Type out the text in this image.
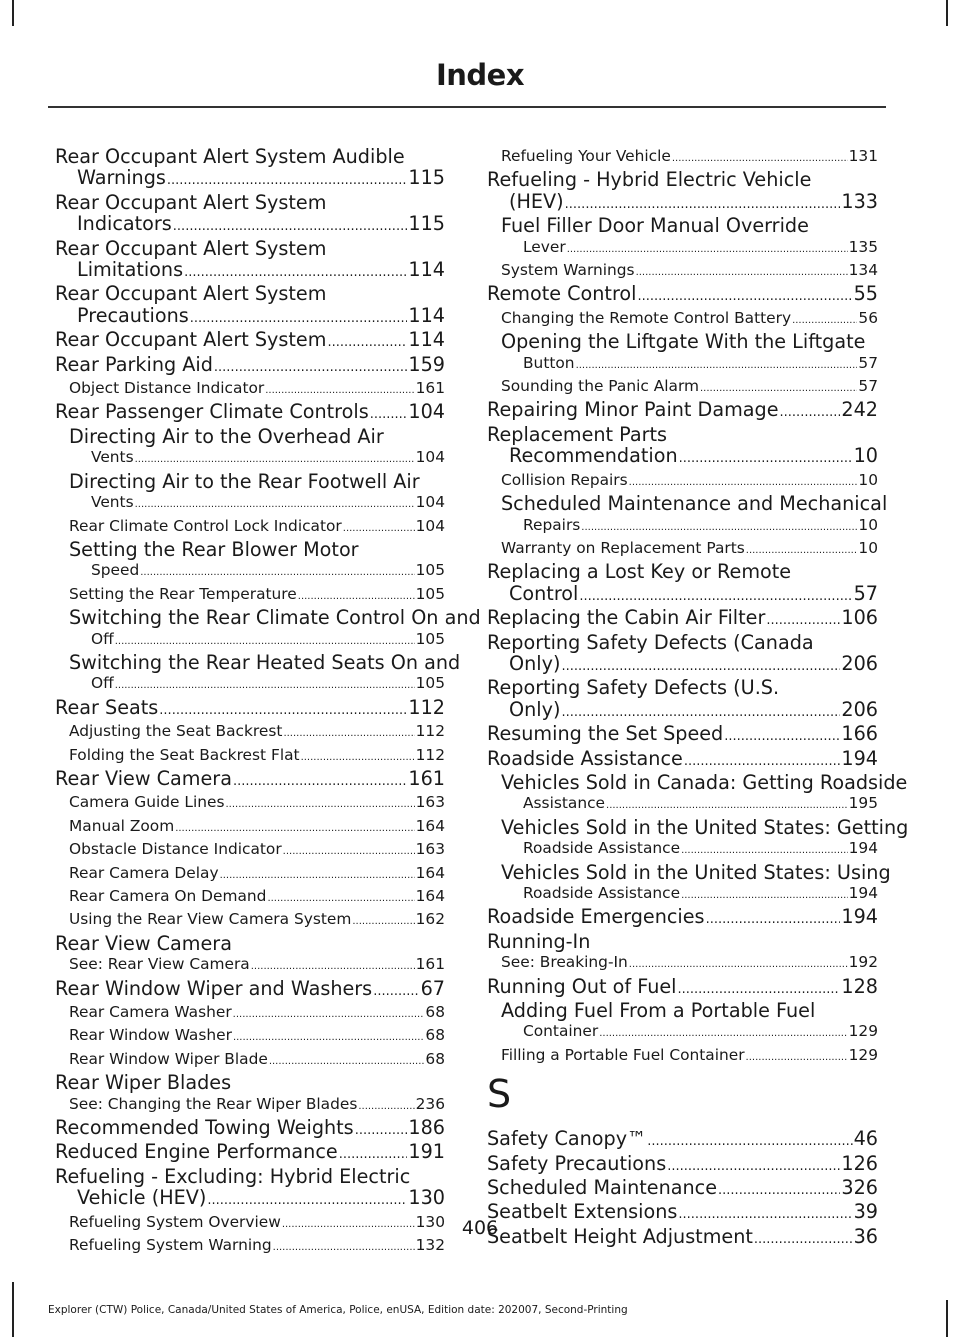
Index
Rear Occupant Alert System Audible
Warnings .....	115
Rear Occupant Alert System
Indicators .....	115
Rear Occupant Alert System
Limitations .....	114
Rear Occupant Alert System
Precautions .....	114
Rear Occupant Alert System .....	114
Rear Parking Aid .....	159
Object Distance Indicator .....	161
Rear Passenger Climate Controls ..... 104
Directing Air to the Overhead Air
Vents .....	104
Directing Air to the Rear Footwell Air
Vents .....	104
Rear Climate Control Lock Indicator .....	104
Setting the Rear Blower Motor
Speed .....	105
Setting the Rear Temperature .....	105
Switching the Rear Climate Control On and
Off .....	105
Switching the Rear Heated Seats On and
Off .....	105
Rear Seats .....	112
Adjusting the Seat Backrest .....	112
Folding the Seat Backrest Flat .....	112
Rear View Camera .....	161
Camera Guide Lines .....	163
Manual Zoom .....	164
Obstacle Distance Indicator .....	163
Rear Camera Delay .....	164
Rear Camera On Demand .....	164
Using the Rear View Camera System .....	162
Rear View Camera
See: Rear View Camera .....	161
Rear Window Wiper and Washers .....	67
Rear Camera Washer .....	68
Rear Window Washer .....	68
Rear Window Wiper Blade .....	68
Rear Wiper Blades
See: Changing the Rear Wiper Blades .....	236
Recommended Towing Weights .....	186
Reduced Engine Performance .....	191
Refueling - Excluding: Hybrid Electric
Vehicle (HEV) .....	130
Refueling System Overview .....	130
Refueling System Warning .....	132
Refueling Your Vehicle .....	131
Refueling - Hybrid Electric Vehicle
(HEV) .....	133
Fuel Filler Door Manual Override
Lever .....	135
System Warnings .....	134
Remote Control .....	55
Changing the Remote Control Battery .....	56
Opening the Liftgate With the Liftgate
Button .....	57
Sounding the Panic Alarm .....	57
Repairing Minor Paint Damage .....	242
Replacement Parts
Recommendation .....	10
Collision Repairs .....	10
Scheduled Maintenance and Mechanical
Repairs .....	10
Warranty on Replacement Parts .....	10
Replacing a Lost Key or Remote
Control .....	57
Replacing the Cabin Air Filter .....	106
Reporting Safety Defects (Canada
Only) .....	206
Reporting Safety Defects (U.S.
Only) .....	206
Resuming the Set Speed .....	166
Roadside Assistance .....	194
Vehicles Sold in Canada: Getting Roadside
Assistance .....	195
Vehicles Sold in the United States: Getting
Roadside Assistance .....	194
Vehicles Sold in the United States: Using
Roadside Assistance .....	194
Roadside Emergencies .....	194
Running-In
See: Breaking-In .....	192
Running Out of Fuel .....	128
Adding Fuel From a Portable Fuel
Container .....	129
Filling a Portable Fuel Container .....	129
S
Safety Canopy™ .....	46
Safety Precautions .....	126
Scheduled Maintenance .....	326
Seatbelt Extensions .....	39
Seatbelt Height Adjustment .....	36
406
Explorer (CTW) Police, Canada/United States of America, Police, enUSA, Edition date: 202007, Second-Printing
